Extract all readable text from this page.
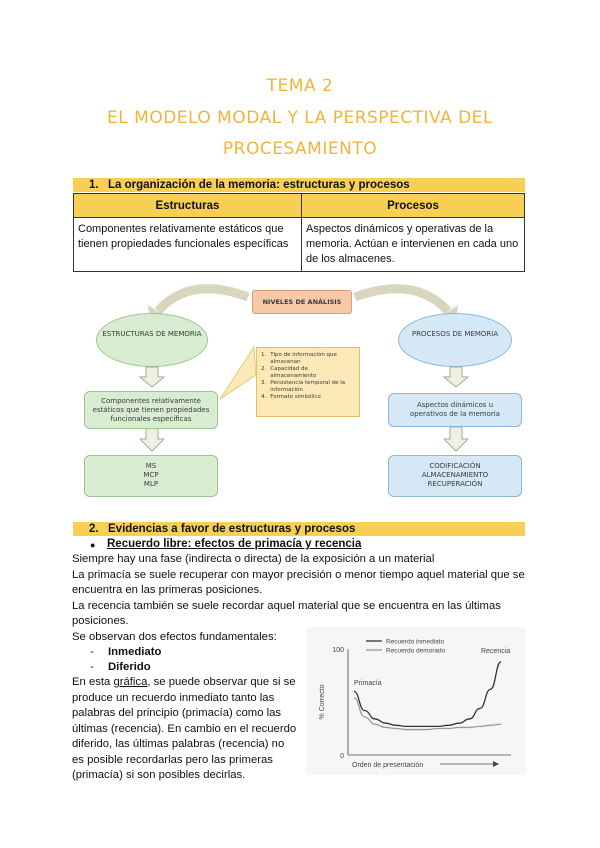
TEMA 2
EL MODELO MODAL Y LA PERSPECTIVA DEL
PROCESAMIENTO
1. La organización de la memoria: estructuras y procesos
Estructuras	Procesos
Componentes relativamente estáticos que tienen propiedades funcionales específicas	Aspectos dinámicos y operativas de la memoria. Actúan e intervienen en cada uno de los almacenes.
NIVELES DE ANÁLISIS
ESTRUCTURAS DE MEMORIA	PROCESOS DE MEMORIA
1. Tipo de información que almacenan
2. Capacidad de almacenamiento
3. Persistencia temporal de la información
4. Formato simbólico
Componentes relativamente estáticos que tienen propiedades funcionales específicas
Aspectos dinámicos u operativos de la memoria
MS
MCP
MLP
CODIFICACIÓN
ALMACENAMIENTO
RECUPERACIÓN
2. Evidencias a favor de estructuras y procesos
● Recuerdo libre: efectos de primacía y recencia
Siempre hay una fase (indirecta o directa) de la exposición a un material
La primacía se suele recuperar con mayor precisión o menor tiempo aquel material que se
encuentra en las primeras posiciones.
La recencia también se suele recordar aquel material que se encuentra en las últimas
posiciones.
Se observan dos efectos fundamentales:
- Inmediato
- Diferido
En esta gráfica, se puede observar que si se
produce un recuerdo inmediato tanto las
palabras del principio (primacía) como las
últimas (recencia). En cambio en el recuerdo
diferido, las últimas palabras (recencia) no
es posible recordarlas pero las primeras
(primacía) si son posibles decirlas.
100
0
% Correcto
Orden de presentación
Recuerdo inmediato
Recuerdo demorado
Primacía
Recencia
